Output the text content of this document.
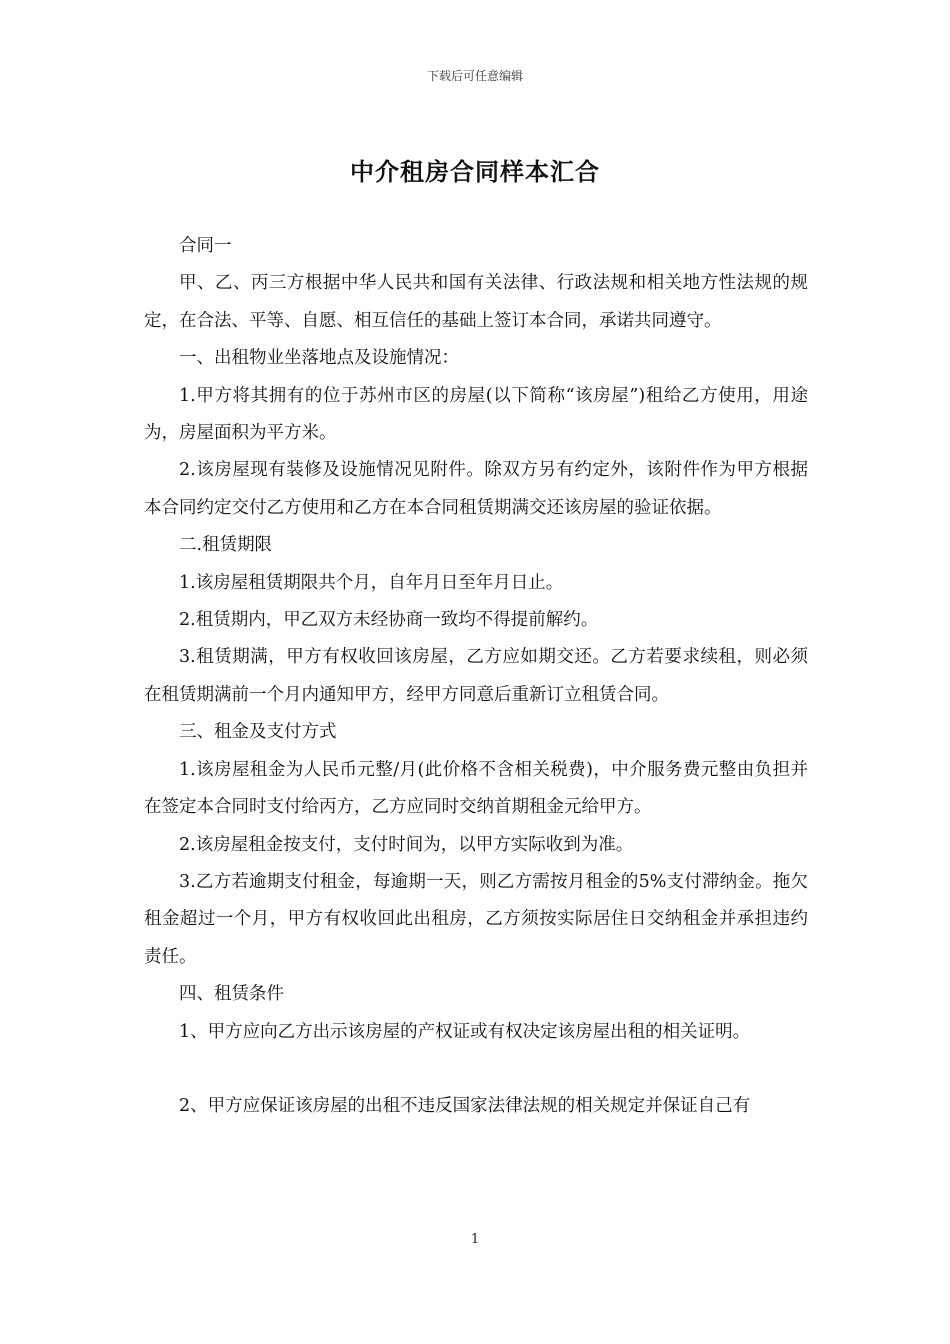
下载后可任意编辑
中介租房合同样本汇合

合同一

甲、乙、丙三方根据中华人民共和国有关法律、行政法规和相关地方性法规的规定，在合法、平等、自愿、相互信任的基础上签订本合同，承诺共同遵守。

一、出租物业坐落地点及设施情况：

1.甲方将其拥有的位于苏州市区的房屋(以下简称“该房屋”)租给乙方使用，用途为，房屋面积为平方米。

2.该房屋现有装修及设施情况见附件。除双方另有约定外，该附件作为甲方根据本合同约定交付乙方使用和乙方在本合同租赁期满交还该房屋的验证依据。

二.租赁期限

1.该房屋租赁期限共个月，自年月日至年月日止。

2.租赁期内，甲乙双方未经协商一致均不得提前解约。

3.租赁期满，甲方有权收回该房屋，乙方应如期交还。乙方若要求续租，则必须在租赁期满前一个月内通知甲方，经甲方同意后重新订立租赁合同。

三、租金及支付方式

1.该房屋租金为人民币元整/月(此价格不含相关税费)，中介服务费元整由负担并在签定本合同时支付给丙方，乙方应同时交纳首期租金元给甲方。

2.该房屋租金按支付，支付时间为，以甲方实际收到为准。

3.乙方若逾期支付租金，每逾期一天，则乙方需按月租金的5%支付滞纳金。拖欠租金超过一个月，甲方有权收回此出租房，乙方须按实际居住日交纳租金并承担违约责任。

四、租赁条件

1、甲方应向乙方出示该房屋的产权证或有权决定该房屋出租的相关证明。

2、甲方应保证该房屋的出租不违反国家法律法规的相关规定并保证自己有

1
